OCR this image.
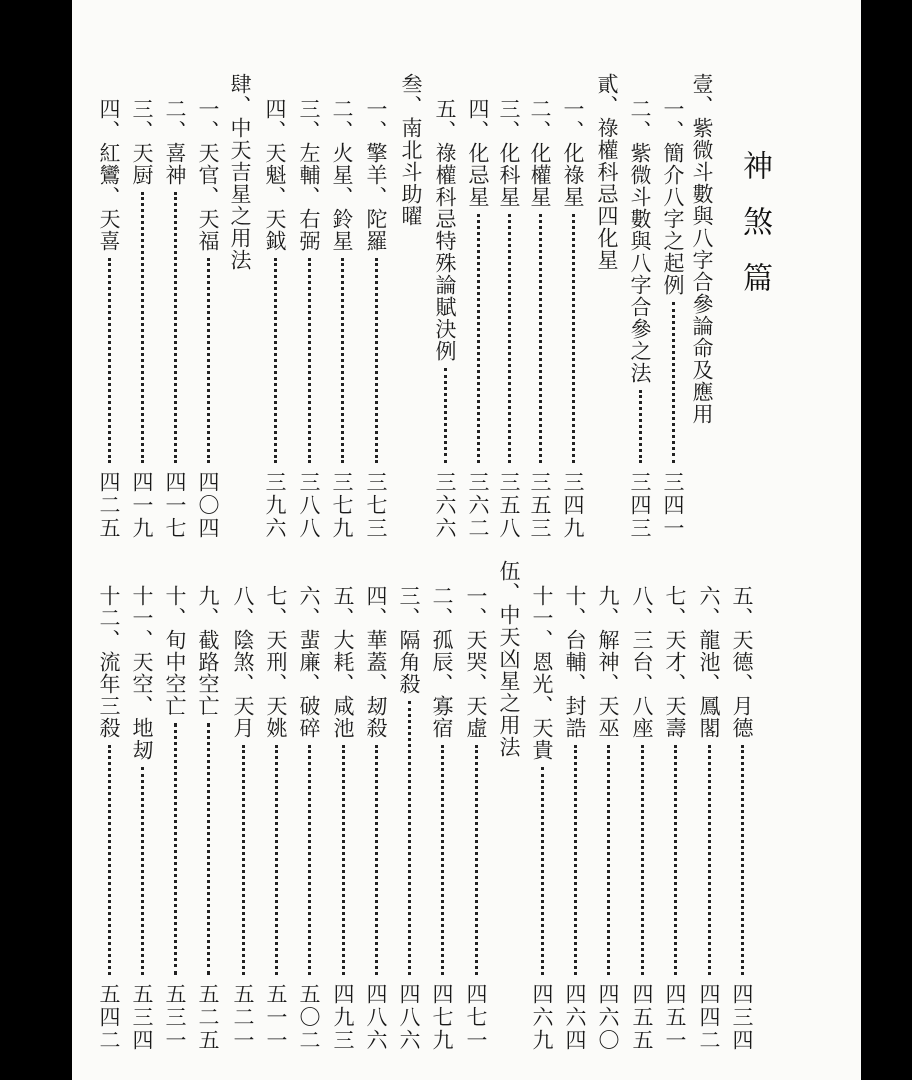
神煞篇
壹、紫微斗數與八字合參論命及應用
一、簡介八字之起例
三四一
二、紫微斗數與八字合參之法
三四三
貳、祿權科忌四化星
一、化祿星
三四九
二、化權星
三五三
三、化科星
三五八
四、化忌星
三六二
五、祿權科忌特殊論賦決例
三六六
叁、南北斗助曜
一、擎羊、陀羅
三七三
二、火星、鈴星
三七九
三、左輔、右弼
三八八
四、天魁、天鉞
三九六
肆、中天吉星之用法
一、天官、天福
四〇四
二、喜神
四一七
三、天厨
四一九
四、紅鸞、天喜
四二五
五、天德、月德
四三四
六、龍池、鳳閣
四四二
七、天才、天壽
四五一
八、三台、八座
四五五
九、解神、天巫
四六〇
十、台輔、封誥
四六四
十一、恩光、天貴
四六九
伍、中天凶星之用法
一、天哭、天虛
四七一
二、孤辰、寡宿
四七九
三、隔角殺
四八六
四、華蓋、刼殺
四八六
五、大耗、咸池
四九三
六、蜚廉、破碎
五〇二
七、天刑、天姚
五一一
八、陰煞、天月
五二一
九、截路空亡
五二五
十、旬中空亡
五三一
十一、天空、地刼
五三四
十二、流年三殺
五四二
